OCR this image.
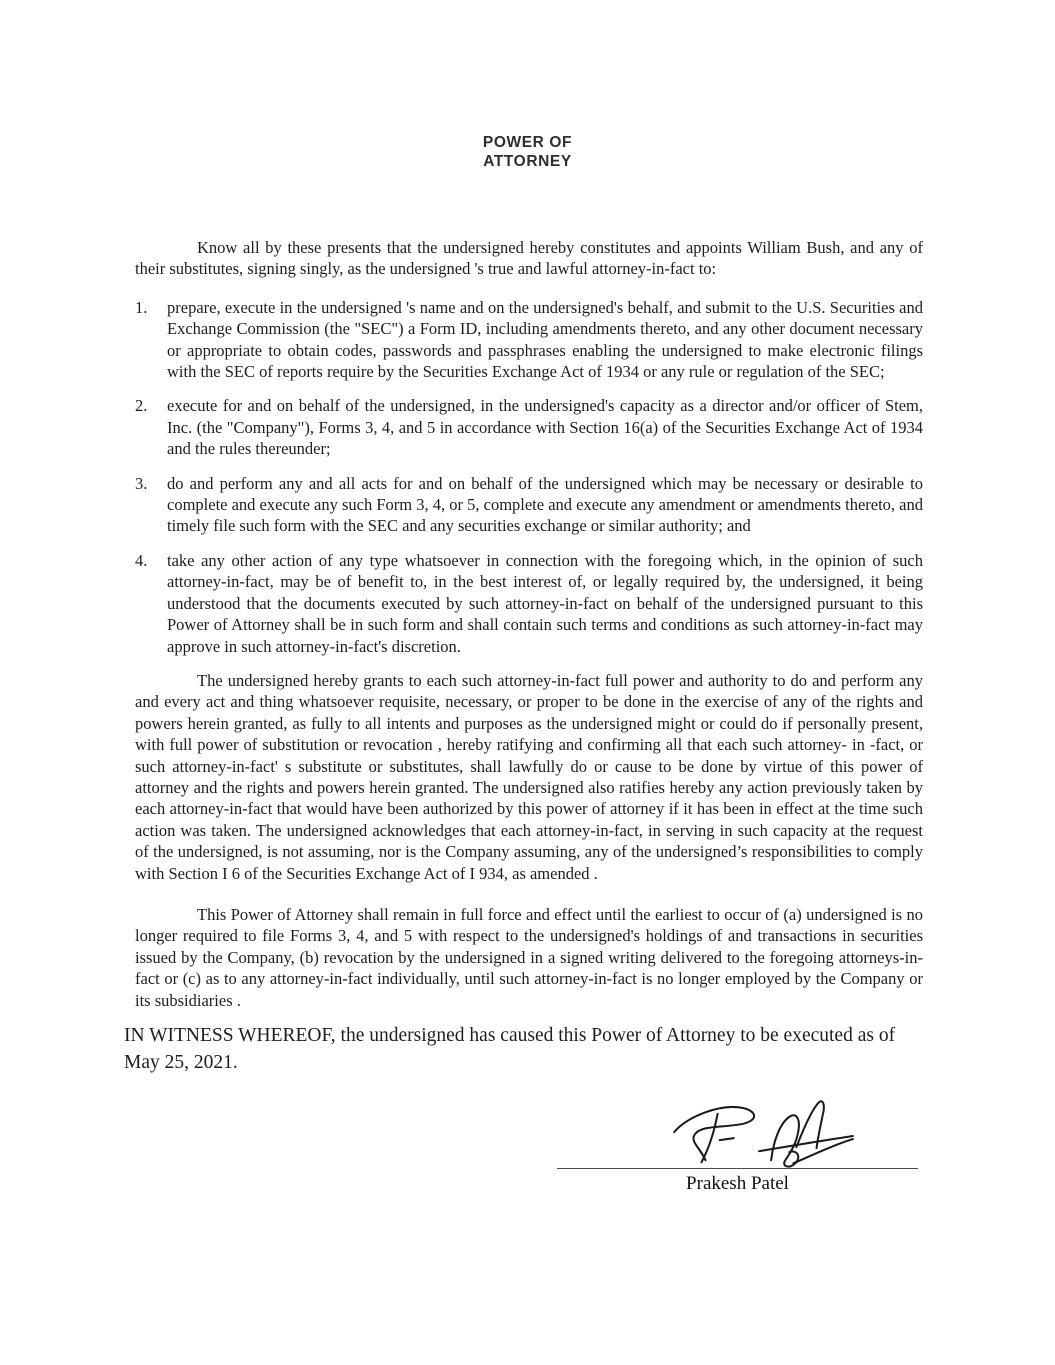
POWER OF
ATTORNEY

Know all by these presents that the undersigned hereby constitutes and appoints William Bush, and any of their substitutes, signing singly, as the undersigned 's true and lawful attorney-in-fact to:

1.	prepare, execute in the undersigned 's name and on the undersigned's behalf, and submit to the U.S. Securities and Exchange Commission (the "SEC") a Form ID, including amendments thereto, and any other document necessary or appropriate to obtain codes, passwords and passphrases enabling the undersigned to make electronic filings with the SEC of reports require by the Securities Exchange Act of 1934 or any rule or regulation of the SEC;
2.	execute for and on behalf of the undersigned, in the undersigned's capacity as a director and/or officer of Stem, Inc. (the "Company"), Forms 3, 4, and 5 in accordance with Section 16(a) of the Securities Exchange Act of 1934 and the rules thereunder;
3.	do and perform any and all acts for and on behalf of the undersigned which may be necessary or desirable to complete and execute any such Form 3, 4, or 5, complete and execute any amendment or amendments thereto, and timely file such form with the SEC and any securities exchange or similar authority; and
4.	take any other action of any type whatsoever in connection with the foregoing which, in the opinion of such attorney-in-fact, may be of benefit to, in the best interest of, or legally required by, the undersigned, it being understood that the documents executed by such attorney-in-fact on behalf of the undersigned pursuant to this Power of Attorney shall be in such form and shall contain such terms and conditions as such attorney-in-fact may approve in such attorney-in-fact's discretion.

The undersigned hereby grants to each such attorney-in-fact full power and authority to do and perform any and every act and thing whatsoever requisite, necessary, or proper to be done in the exercise of any of the rights and powers herein granted, as fully to all intents and purposes as the undersigned might or could do if personally present, with full power of substitution or revocation , hereby ratifying and confirming all that each such attorney- in -fact, or such attorney-in-fact' s substitute or substitutes, shall lawfully do or cause to be done by virtue of this power of attorney and the rights and powers herein granted. The undersigned also ratifies hereby any action previously taken by each attorney-in-fact that would have been authorized by this power of attorney if it has been in effect at the time such action was taken. The undersigned acknowledges that each attorney-in-fact, in serving in such capacity at the request of the undersigned, is not assuming, nor is the Company assuming, any of the undersigned’s responsibilities to comply with Section I 6 of the Securities Exchange Act of I 934, as amended .

This Power of Attorney shall remain in full force and effect until the earliest to occur of (a) undersigned is no longer required to file Forms 3, 4, and 5 with respect to the undersigned's holdings of and transactions in securities issued by the Company, (b) revocation by the undersigned in a signed writing delivered to the foregoing attorneys-in- fact or (c) as to any attorney-in-fact individually, until such attorney-in-fact is no longer employed by the Company or its subsidiaries .

IN WITNESS WHEREOF, the undersigned has caused this Power of Attorney to be executed as of May 25, 2021.

Prakesh Patel
